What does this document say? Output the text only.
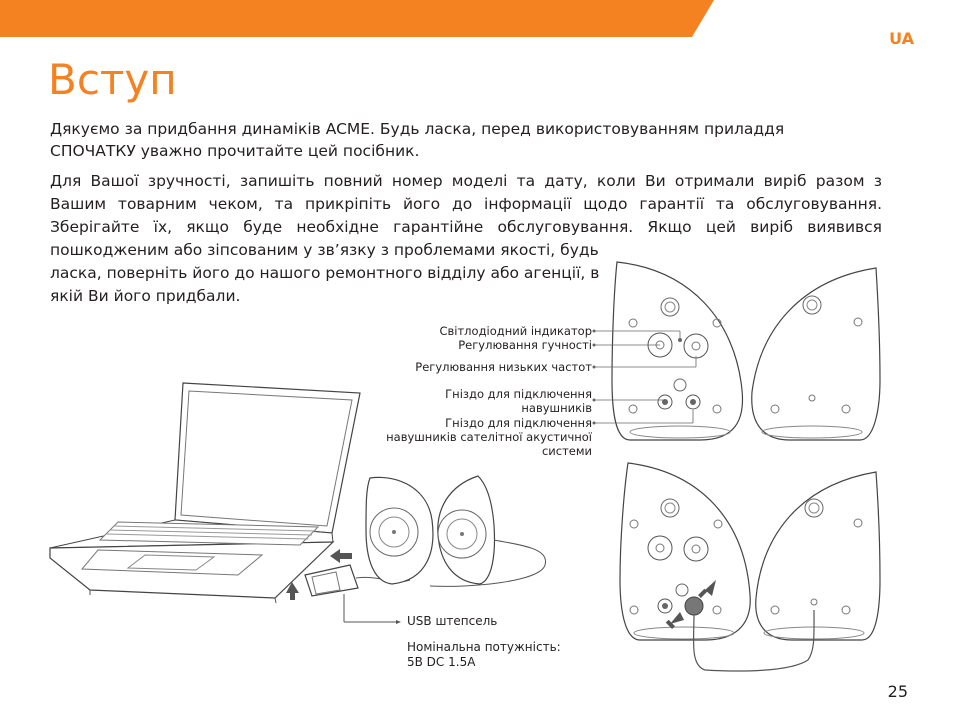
UA
Вступ

Дякуємо за придбання динаміків ACME. Будь ласка, перед використовуванням приладдя СПОЧАТКУ уважно прочитайте цей посібник.

Для Вашої зручності, запишіть повний номер моделі та дату, коли Ви отримали виріб разом з Вашим товарним чеком, та прикріпіть його до інформації щодо гарантії та обслуговування. Зберігайте їх, якщо буде необхідне гарантійне обслуговування. Якщо цей виріб виявився

пошкодженим або зіпсованим у зв’язку з проблемами якості, будь ласка, поверніть його до нашого ремонтного відділу або агенції, в якій Ви його придбали.

Світлодіодний індикатор
Регулювання гучності
Регулювання низьких частот
Гніздо для підключення
навушників
Гніздо для підключення
навушників сателітної акустичної
системи
USB штепсель
Номінальна потужність:
5В DC 1.5A
25
